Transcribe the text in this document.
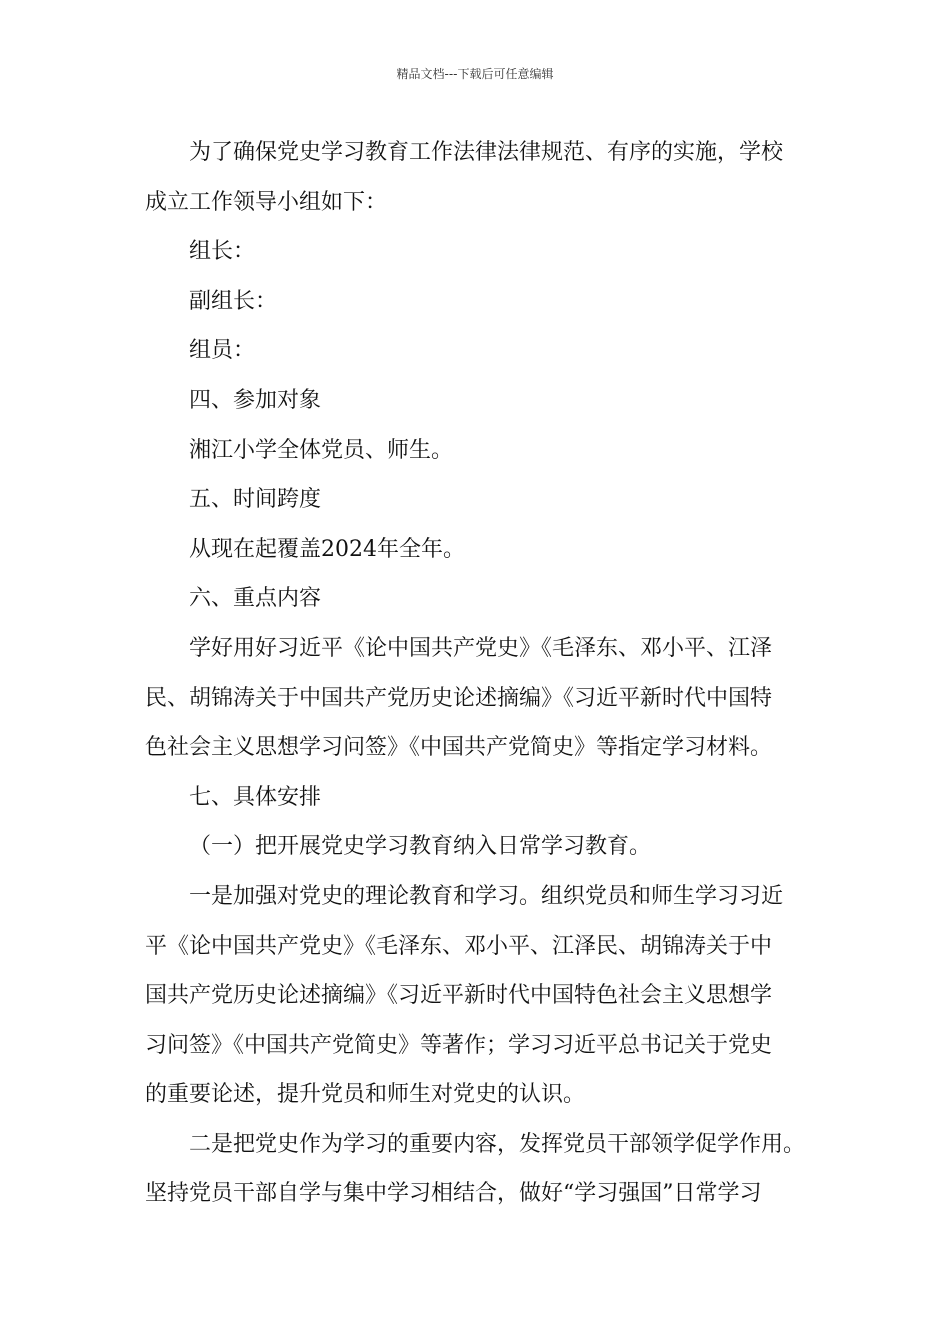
精品文档---下载后可任意编辑
为了确保党史学习教育工作法律法律规范、有序的实施，学校
成立工作领导小组如下：
组长：
副组长：
组员：
四、参加对象
湘江小学全体党员、师生。
五、时间跨度
从现在起覆盖2024年全年。
六、重点内容
学好用好习近平《论中国共产党史》《毛泽东、邓小平、江泽
民、胡锦涛关于中国共产党历史论述摘编》《习近平新时代中国特
色社会主义思想学习问签》《中国共产党简史》等指定学习材料。
七、具体安排
（一）把开展党史学习教育纳入日常学习教育。
一是加强对党史的理论教育和学习。组织党员和师生学习习近
平《论中国共产党史》《毛泽东、邓小平、江泽民、胡锦涛关于中
国共产党历史论述摘编》《习近平新时代中国特色社会主义思想学
习问签》《中国共产党简史》等著作；学习习近平总书记关于党史
的重要论述，提升党员和师生对党史的认识。
二是把党史作为学习的重要内容，发挥党员干部领学促学作用。
坚持党员干部自学与集中学习相结合，做好“学习强国”日常学习
